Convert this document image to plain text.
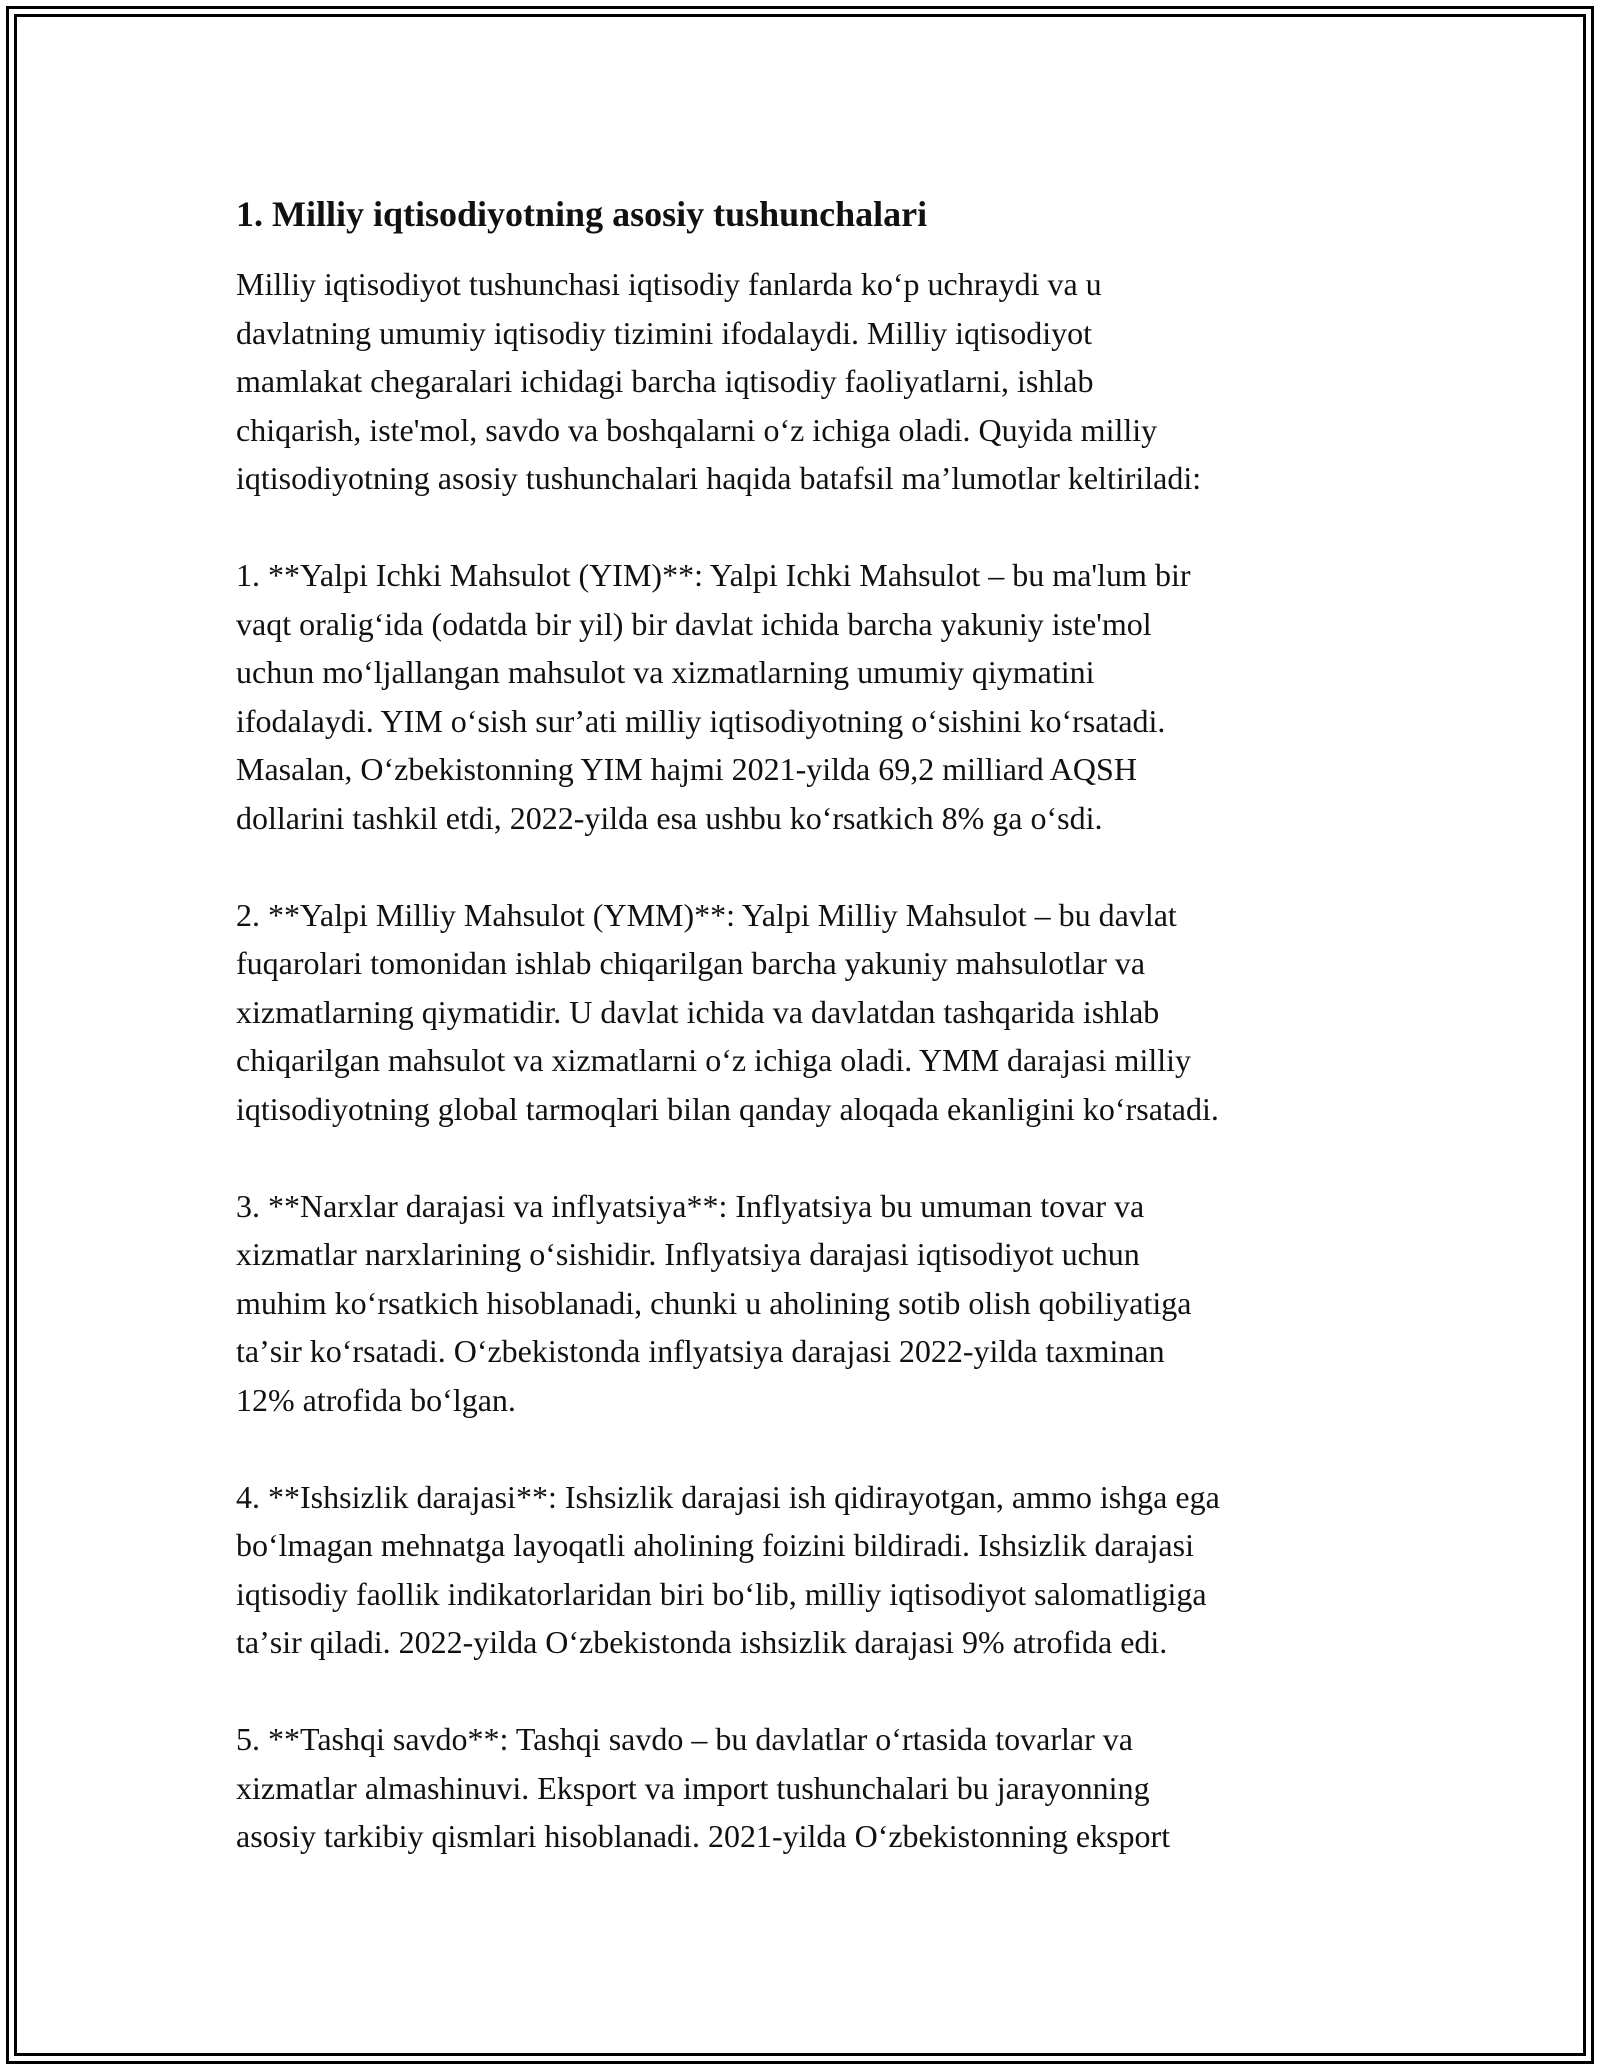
1. Milliy iqtisodiyotning asosiy tushunchalari

Milliy iqtisodiyot tushunchasi iqtisodiy fanlarda koʻp uchraydi va u
davlatning umumiy iqtisodiy tizimini ifodalaydi. Milliy iqtisodiyot
mamlakat chegaralari ichidagi barcha iqtisodiy faoliyatlarni, ishlab
chiqarish, iste'mol, savdo va boshqalarni oʻz ichiga oladi. Quyida milliy
iqtisodiyotning asosiy tushunchalari haqida batafsil maʼlumotlar keltiriladi:

1. **Yalpi Ichki Mahsulot (YIM)**: Yalpi Ichki Mahsulot – bu ma'lum bir
vaqt oraligʻida (odatda bir yil) bir davlat ichida barcha yakuniy iste'mol
uchun moʻljallangan mahsulot va xizmatlarning umumiy qiymatini
ifodalaydi. YIM oʻsish surʼati milliy iqtisodiyotning oʻsishini koʻrsatadi.
Masalan, Oʻzbekistonning YIM hajmi 2021-yilda 69,2 milliard AQSH
dollarini tashkil etdi, 2022-yilda esa ushbu koʻrsatkich 8% ga oʻsdi.

2. **Yalpi Milliy Mahsulot (YMM)**: Yalpi Milliy Mahsulot – bu davlat
fuqarolari tomonidan ishlab chiqarilgan barcha yakuniy mahsulotlar va
xizmatlarning qiymatidir. U davlat ichida va davlatdan tashqarida ishlab
chiqarilgan mahsulot va xizmatlarni oʻz ichiga oladi. YMM darajasi milliy
iqtisodiyotning global tarmoqlari bilan qanday aloqada ekanligini koʻrsatadi.

3. **Narxlar darajasi va inflyatsiya**: Inflyatsiya bu umuman tovar va
xizmatlar narxlarining oʻsishidir. Inflyatsiya darajasi iqtisodiyot uchun
muhim koʻrsatkich hisoblanadi, chunki u aholining sotib olish qobiliyatiga
taʼsir koʻrsatadi. Oʻzbekistonda inflyatsiya darajasi 2022-yilda taxminan
12% atrofida boʻlgan.

4. **Ishsizlik darajasi**: Ishsizlik darajasi ish qidirayotgan, ammo ishga ega
boʻlmagan mehnatga layoqatli aholining foizini bildiradi. Ishsizlik darajasi
iqtisodiy faollik indikatorlaridan biri boʻlib, milliy iqtisodiyot salomatligiga
taʼsir qiladi. 2022-yilda Oʻzbekistonda ishsizlik darajasi 9% atrofida edi.

5. **Tashqi savdo**: Tashqi savdo – bu davlatlar oʻrtasida tovarlar va
xizmatlar almashinuvi. Eksport va import tushunchalari bu jarayonning
asosiy tarkibiy qismlari hisoblanadi. 2021-yilda Oʻzbekistonning eksport
